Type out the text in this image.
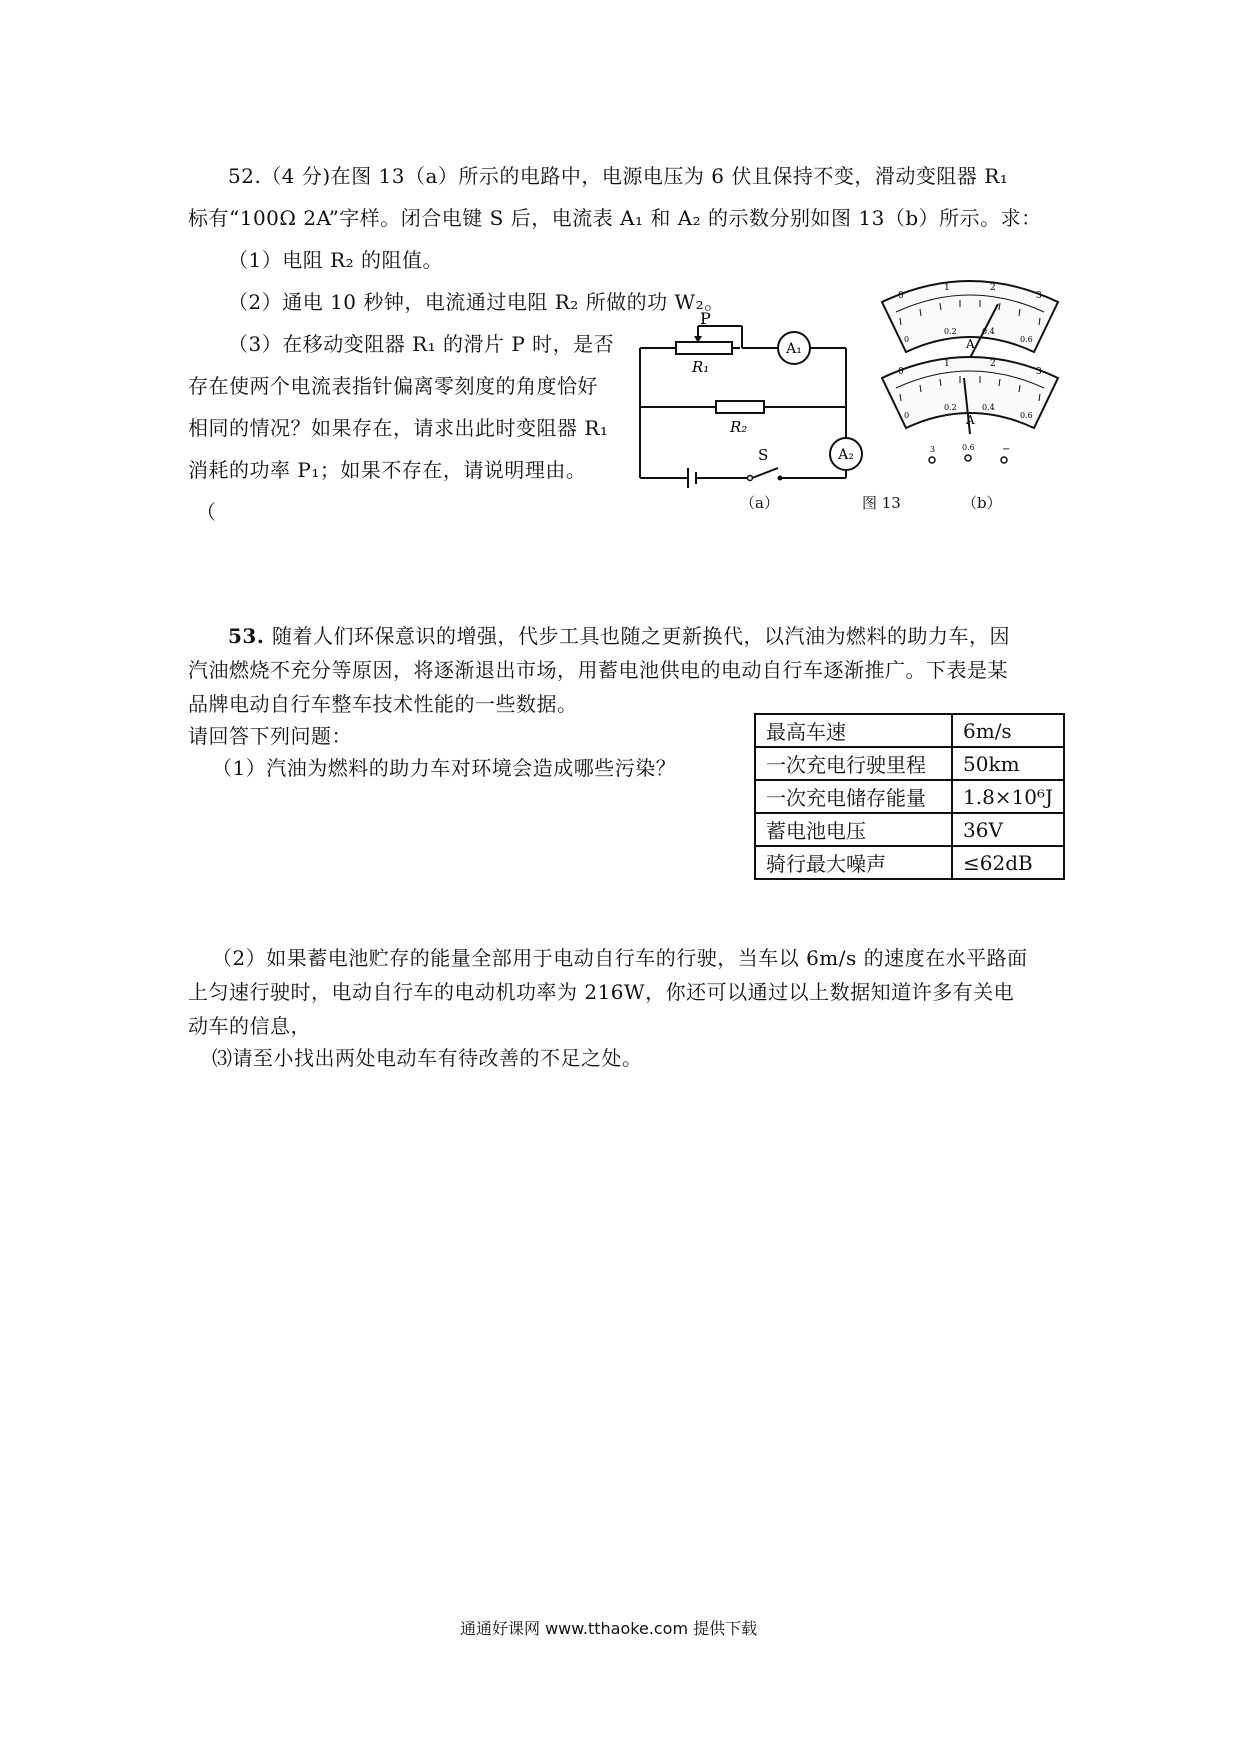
52.（4 分)在图 13（a）所示的电路中，电源电压为 6 伏且保持不变，滑动变阻器 R₁
标有“100Ω 2A”字样。闭合电键 S 后，电流表 A₁ 和 A₂ 的示数分别如图 13（b）所示。求：
（1）电阻 R₂ 的阻值。
（2）通电 10 秒钟，电流通过电阻 R₂ 所做的功 W₂。
（3）在移动变阻器 R₁ 的滑片 P 时，是否
存在使两个电流表指针偏离零刻度的角度恰好
相同的情况？如果存在，请求出此时变阻器 R₁
消耗的功率 P₁；如果不存在，请说明理由。
（
P
R₁
A₁
R₂
A₂
S
0
1	2
3
0
0.2	0.4
0.6
A
0
1	2
3
0
0.2	0.4
0.6
A
3	0.6	−
（a）	图 13	（b）
53. 随着人们环保意识的增强，代步工具也随之更新换代，以汽油为燃料的助力车，因
汽油燃烧不充分等原因，将逐渐退出市场，用蓄电池供电的电动自行车逐渐推广。下表是某
品牌电动自行车整车技术性能的一些数据。
请回答下列问题：
（1）汽油为燃料的助力车对环境会造成哪些污染？
最高车速	6m/s
一次充电行驶里程	50km
一次充电储存能量	1.8×10⁶J
蓄电池电压	36V
骑行最大噪声	≤62dB
（2）如果蓄电池贮存的能量全部用于电动自行车的行驶，当车以 6m/s 的速度在水平路面
上匀速行驶时，电动自行车的电动机功率为 216W，你还可以通过以上数据知道许多有关电
动车的信息，
⑶请至小找出两处电动车有待改善的不足之处。
通通好课网 www.tthaoke.com 提供下载
